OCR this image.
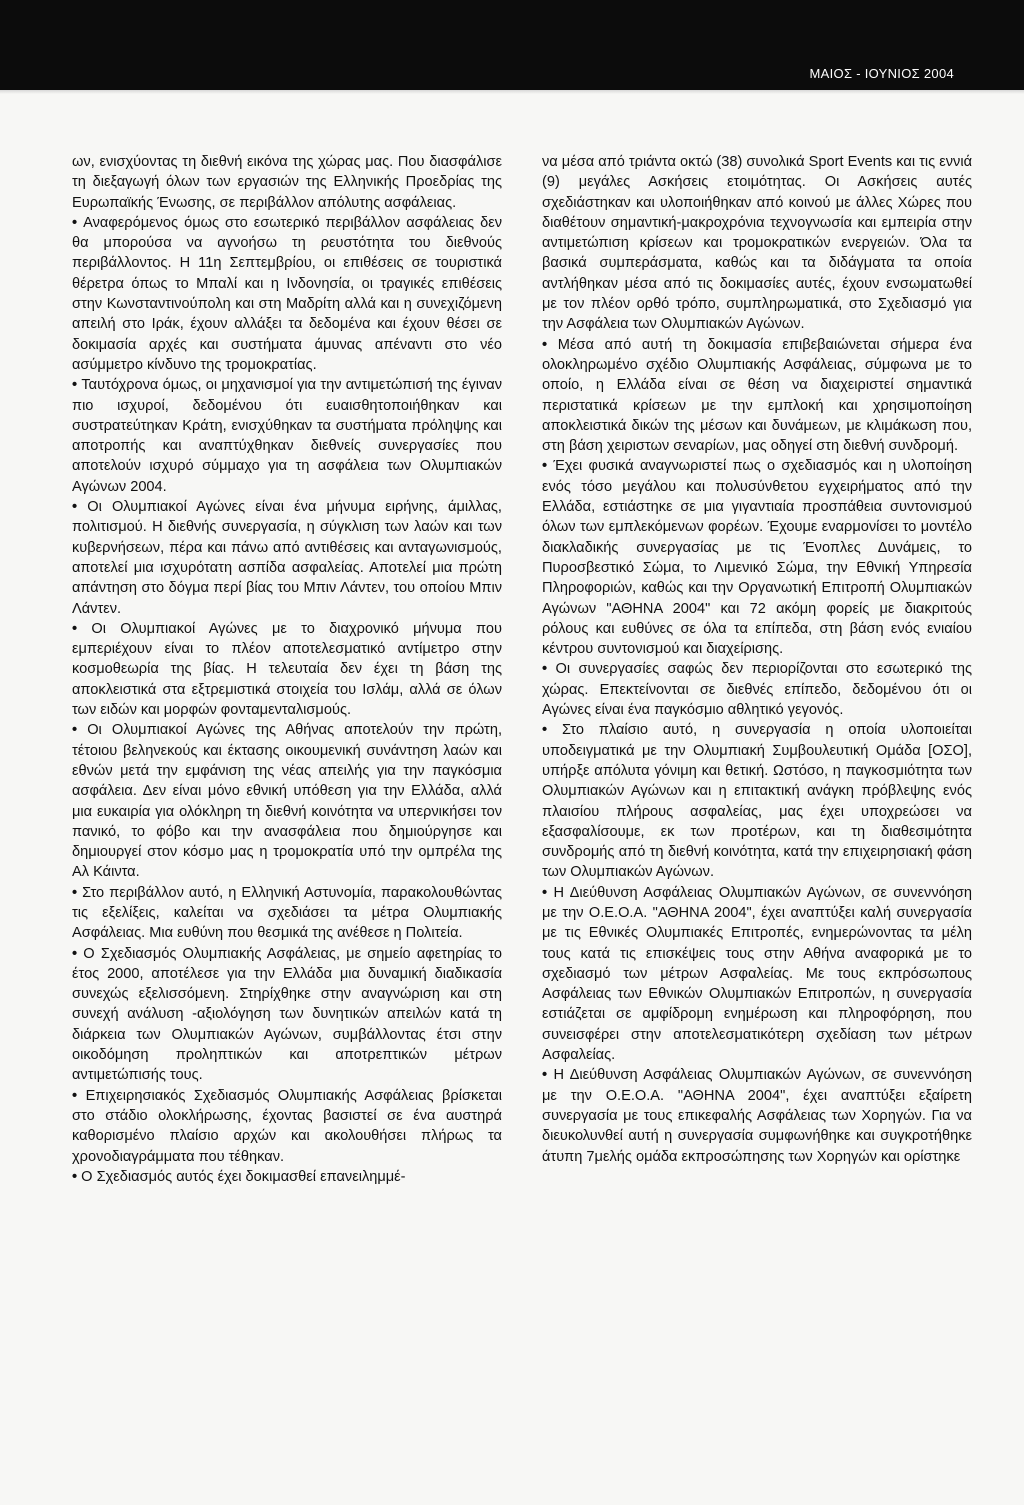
ΜΑΙΟΣ - ΙΟΥΝΙΟΣ 2004

ων, ενισχύοντας τη διεθνή εικόνα της χώρας μας. Που διασφάλισε τη διεξαγωγή όλων των εργασιών της Ελληνικής Προεδρίας της Ευρωπαϊκής Ένωσης, σε περιβάλλον απόλυτης ασφάλειας.

• Αναφερόμενος όμως στο εσωτερικό περιβάλλον ασφάλειας δεν θα μπορούσα να αγνοήσω τη ρευστότητα του διεθνούς περιβάλλοντος. Η 11η Σεπτεμβρίου, οι επιθέσεις σε τουριστικά θέρετρα όπως το Μπαλί και η Ινδονησία, οι τραγικές επιθέσεις στην Κωνσταντινούπολη και στη Μαδρίτη αλλά και η συνεχιζόμενη απειλή στο Ιράκ, έχουν αλλάξει τα δεδομένα και έχουν θέσει σε δοκιμασία αρχές και συστήματα άμυνας απέναντι στο νέο ασύμμετρο κίνδυνο της τρομοκρατίας.

• Ταυτόχρονα όμως, οι μηχανισμοί για την αντιμετώπισή της έγιναν πιο ισχυροί, δεδομένου ότι ευαισθητοποιήθηκαν και συστρατεύτηκαν Κράτη, ενισχύθηκαν τα συστήματα πρόληψης και αποτροπής και αναπτύχθηκαν διεθνείς συνεργασίες που αποτελούν ισχυρό σύμμαχο για τη ασφάλεια των Ολυμπιακών Αγώνων 2004.

• Οι Ολυμπιακοί Αγώνες είναι ένα μήνυμα ειρήνης, άμιλλας, πολιτισμού. Η διεθνής συνεργασία, η σύγκλιση των λαών και των κυβερνήσεων, πέρα και πάνω από αντιθέσεις και ανταγωνισμούς, αποτελεί μια ισχυρότατη ασπίδα ασφαλείας. Αποτελεί μια πρώτη απάντηση στο δόγμα περί βίας του Μπιν Λάντεν, του οποίου Μπιν Λάντεν.

• Οι Ολυμπιακοί Αγώνες με το διαχρονικό μήνυμα που εμπεριέχουν είναι το πλέον αποτελεσματικό αντίμετρο στην κοσμοθεωρία της βίας. Η τελευταία δεν έχει τη βάση της αποκλειστικά στα εξτρεμιστικά στοιχεία του Ισλάμ, αλλά σε όλων των ειδών και μορφών φονταμενταλισμούς.

• Οι Ολυμπιακοί Αγώνες της Αθήνας αποτελούν την πρώτη, τέτοιου βεληνεκούς και έκτασης οικουμενική συνάντηση λαών και εθνών μετά την εμφάνιση της νέας απειλής για την παγκόσμια ασφάλεια. Δεν είναι μόνο εθνική υπόθεση για την Ελλάδα, αλλά μια ευκαιρία για ολόκληρη τη διεθνή κοινότητα να υπερνικήσει τον πανικό, το φόβο και την ανασφάλεια που δημιούργησε και δημιουργεί στον κόσμο μας η τρομοκρατία υπό την ομπρέλα της Αλ Κάιντα.

• Στο περιβάλλον αυτό, η Ελληνική Αστυνομία, παρακολουθώντας τις εξελίξεις, καλείται να σχεδιάσει τα μέτρα Ολυμπιακής Ασφάλειας. Μια ευθύνη που θεσμικά της ανέθεσε η Πολιτεία.

• Ο Σχεδιασμός Ολυμπιακής Ασφάλειας, με σημείο αφετηρίας το έτος 2000, αποτέλεσε για την Ελλάδα μια δυναμική διαδικασία συνεχώς εξελισσόμενη. Στηρίχθηκε στην αναγνώριση και στη συνεχή ανάλυση -αξιολόγηση των δυνητικών απειλών κατά τη διάρκεια των Ολυμπιακών Αγώνων, συμβάλλοντας έτσι στην οικοδόμηση προληπτικών και αποτρεπτικών μέτρων αντιμετώπισής τους.

• Επιχειρησιακός Σχεδιασμός Ολυμπιακής Ασφάλειας βρίσκεται στο στάδιο ολοκλήρωσης, έχοντας βασιστεί σε ένα αυστηρά καθορισμένο πλαίσιο αρχών και ακολουθήσει πλήρως τα χρονοδιαγράμματα που τέθηκαν.

• Ο Σχεδιασμός αυτός έχει δοκιμασθεί επανειλημμέ-

να μέσα από τριάντα οκτώ (38) συνολικά Sport Events και τις εννιά (9) μεγάλες Ασκήσεις ετοιμότητας. Οι Ασκήσεις αυτές σχεδιάστηκαν και υλοποιήθηκαν από κοινού με άλλες Χώρες που διαθέτουν σημαντική-μακροχρόνια τεχνογνωσία και εμπειρία στην αντιμετώπιση κρίσεων και τρομοκρατικών ενεργειών. Όλα τα βασικά συμπεράσματα, καθώς και τα διδάγματα τα οποία αντλήθηκαν μέσα από τις δοκιμασίες αυτές, έχουν ενσωματωθεί με τον πλέον ορθό τρόπο, συμπληρωματικά, στο Σχεδιασμό για την Ασφάλεια των Ολυμπιακών Αγώνων.

• Μέσα από αυτή τη δοκιμασία επιβεβαιώνεται σήμερα ένα ολοκληρωμένο σχέδιο Ολυμπιακής Ασφάλειας, σύμφωνα με το οποίο, η Ελλάδα είναι σε θέση να διαχειριστεί σημαντικά περιστατικά κρίσεων με την εμπλοκή και χρησιμοποίηση αποκλειστικά δικών της μέσων και δυνάμεων, με κλιμάκωση που, στη βάση χειριστων σεναρίων, μας οδηγεί στη διεθνή συνδρομή.

• Έχει φυσικά αναγνωριστεί πως ο σχεδιασμός και η υλοποίηση ενός τόσο μεγάλου και πολυσύνθετου εγχειρήματος από την Ελλάδα, εστιάστηκε σε μια γιγαντιαία προσπάθεια συντονισμού όλων των εμπλεκόμενων φορέων. Έχουμε εναρμονίσει το μοντέλο διακλαδικής συνεργασίας με τις Ένοπλες Δυνάμεις, το Πυροσβεστικό Σώμα, το Λιμενικό Σώμα, την Εθνική Υπηρεσία Πληροφοριών, καθώς και την Οργανωτική Επιτροπή Ολυμπιακών Αγώνων "ΑΘΗΝΑ 2004" και 72 ακόμη φορείς με διακριτούς ρόλους και ευθύνες σε όλα τα επίπεδα, στη βάση ενός ενιαίου κέντρου συντονισμού και διαχείρισης.

• Οι συνεργασίες σαφώς δεν περιορίζονται στο εσωτερικό της χώρας. Επεκτείνονται σε διεθνές επίπεδο, δεδομένου ότι οι Αγώνες είναι ένα παγκόσμιο αθλητικό γεγονός.

• Στο πλαίσιο αυτό, η συνεργασία η οποία υλοποιείται υποδειγματικά με την Ολυμπιακή Συμβουλευτική Ομάδα [ΟΣΟ], υπήρξε απόλυτα γόνιμη και θετική. Ωστόσο, η παγκοσμιότητα των Ολυμπιακών Αγώνων και η επιτακτική ανάγκη πρόβλεψης ενός πλαισίου πλήρους ασφαλείας, μας έχει υποχρεώσει να εξασφαλίσουμε, εκ των προτέρων, και τη διαθεσιμότητα συνδρομής από τη διεθνή κοινότητα, κατά την επιχειρησιακή φάση των Ολυμπιακών Αγώνων.

• Η Διεύθυνση Ασφάλειας Ολυμπιακών Αγώνων, σε συνεννόηση με την Ο.Ε.Ο.Α. "ΑΘΗΝΑ 2004", έχει αναπτύξει καλή συνεργασία με τις Εθνικές Ολυμπιακές Επιτροπές, ενημερώνοντας τα μέλη τους κατά τις επισκέψεις τους στην Αθήνα αναφορικά με το σχεδιασμό των μέτρων Ασφαλείας. Με τους εκπρόσωπους Ασφάλειας των Εθνικών Ολυμπιακών Επιτροπών, η συνεργασία εστιάζεται σε αμφίδρομη ενημέρωση και πληροφόρηση, που συνεισφέρει στην αποτελεσματικότερη σχεδίαση των μέτρων Ασφαλείας.

• Η Διεύθυνση Ασφάλειας Ολυμπιακών Αγώνων, σε συνεννόηση με την Ο.Ε.Ο.Α. "ΑΘΗΝΑ 2004", έχει αναπτύξει εξαίρετη συνεργασία με τους επικεφαλής Ασφάλειας των Χορηγών. Για να διευκολυνθεί αυτή η συνεργασία συμφωνήθηκε και συγκροτήθηκε άτυπη 7μελής ομάδα εκπροσώπησης των Χορηγών και ορίστηκε
